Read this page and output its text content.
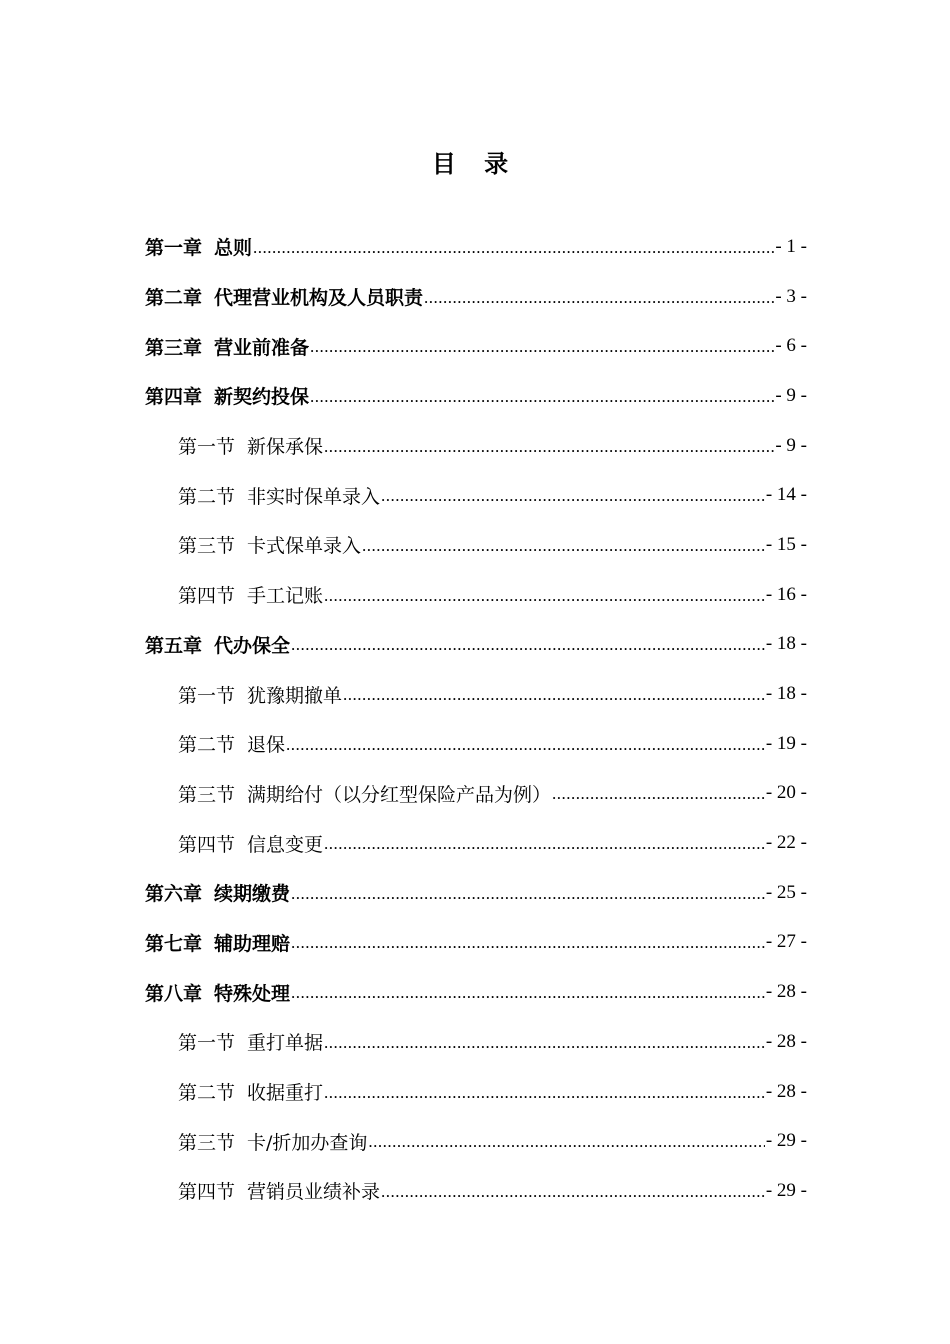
目 录
第一章 总则 .....	- 1 -
第二章 代理营业机构及人员职责 .....	- 3 -
第三章 营业前准备 .....	- 6 -
第四章 新契约投保 .....	- 9 -
第一节 新保承保 .....	- 9 -
第二节 非实时保单录入 .....	- 14 -
第三节 卡式保单录入 .....	- 15 -
第四节 手工记账 .....	- 16 -
第五章 代办保全 .....	- 18 -
第一节 犹豫期撤单 .....	- 18 -
第二节 退保 .....	- 19 -
第三节 满期给付（以分红型保险产品为例） .....	- 20 -
第四节 信息变更 .....	- 22 -
第六章 续期缴费 .....	- 25 -
第七章 辅助理赔 .....	- 27 -
第八章 特殊处理 .....	- 28 -
第一节 重打单据 .....	- 28 -
第二节 收据重打 .....	- 28 -
第三节 卡/折加办查询 .....	- 29 -
第四节 营销员业绩补录 .....	- 29 -
